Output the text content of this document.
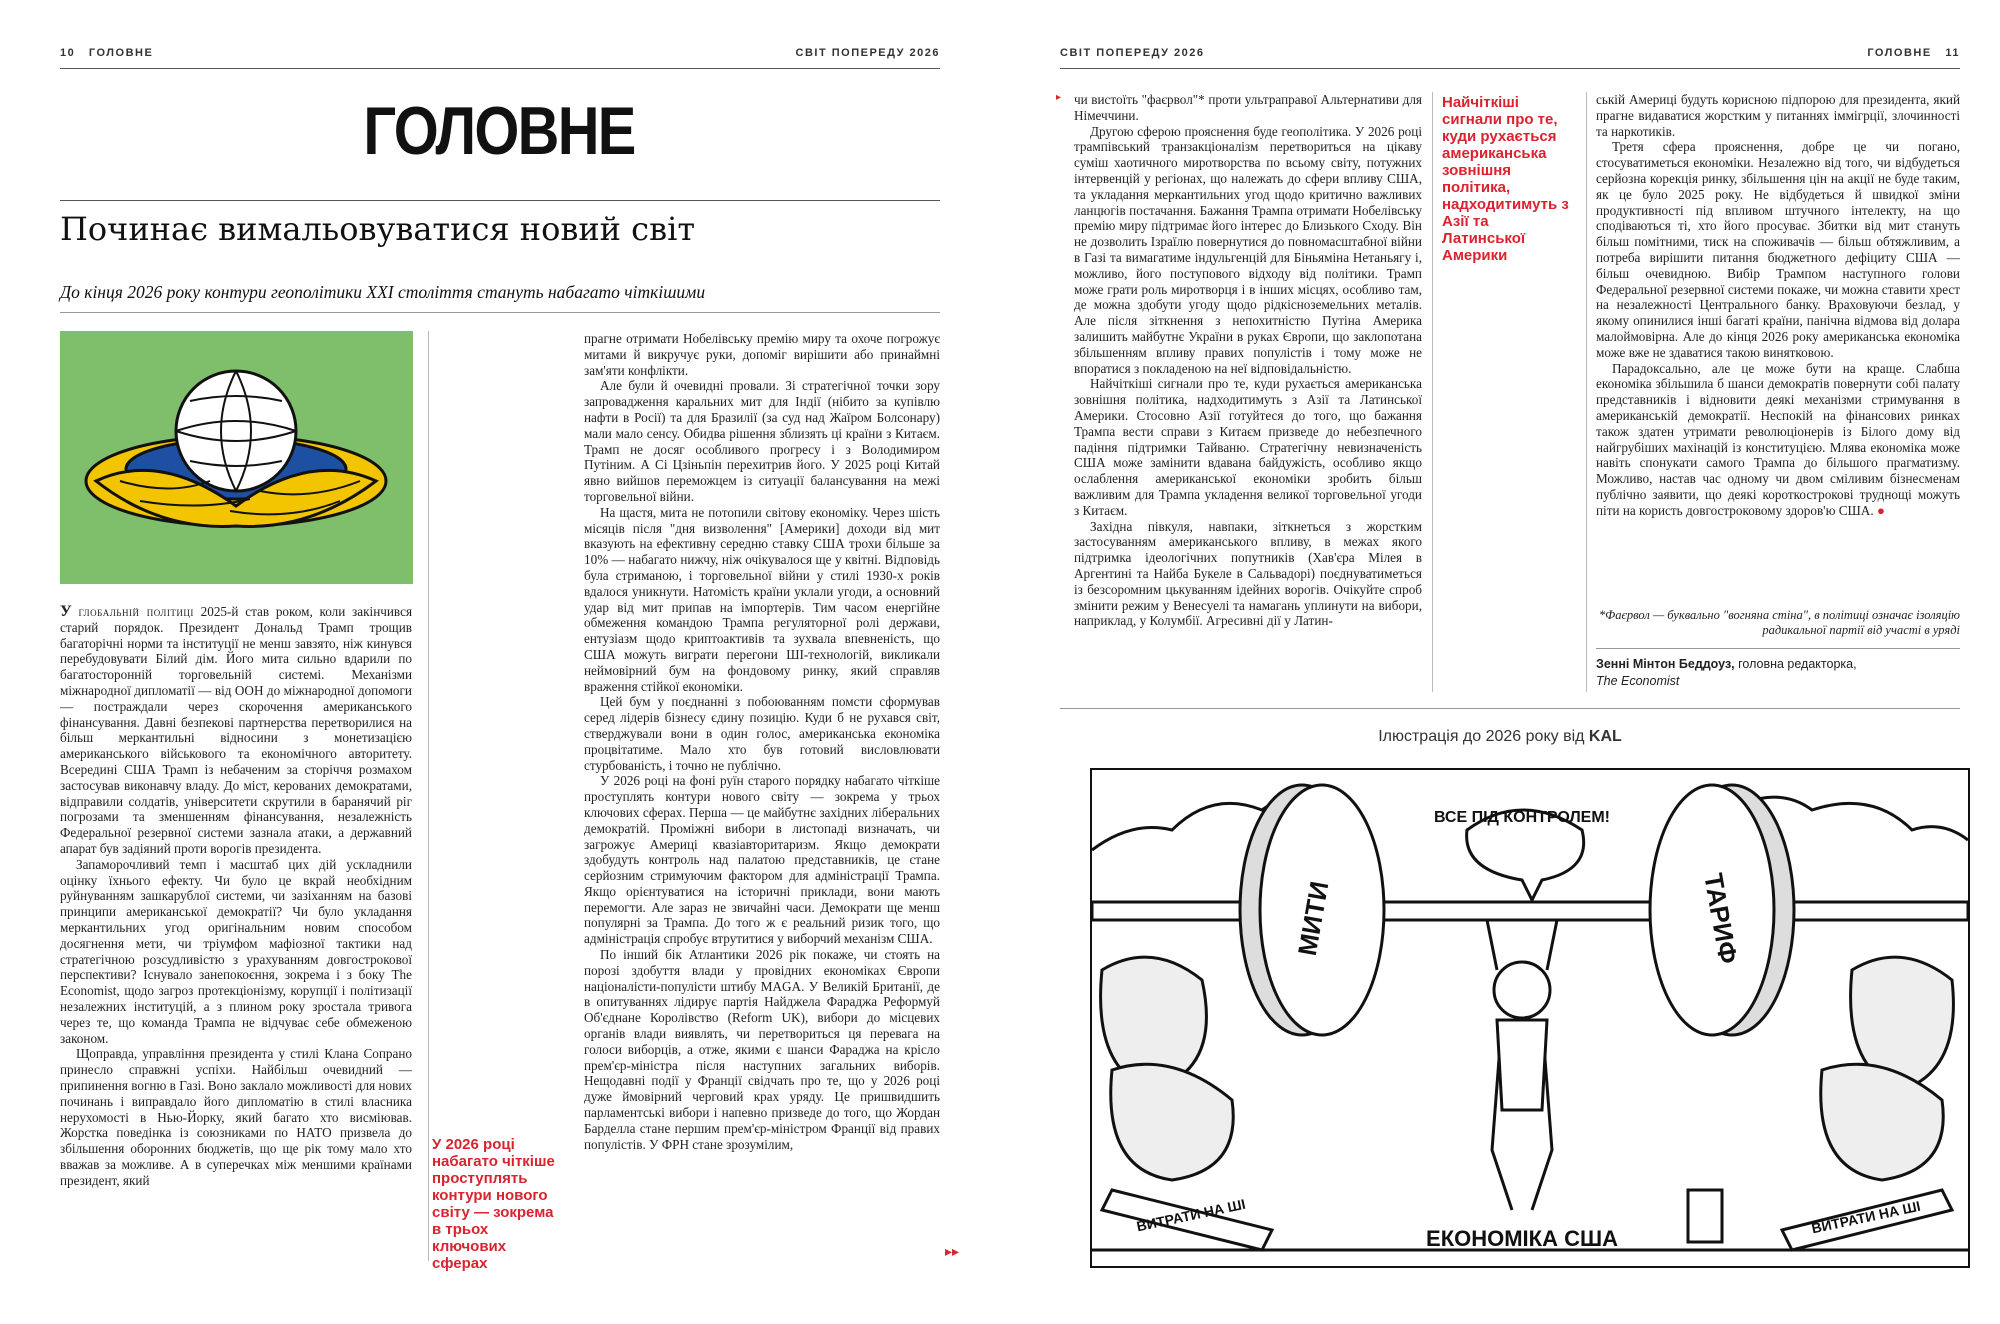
10 ГОЛОВНЕ	СВІТ ПОПЕРЕДУ 2026
ГОЛОВНЕ
Починає вимальовуватися новий світ
До кінця 2026 року контури геополітики XXI століття стануть набагато чіткішими

У глобальній політиці 2025-й став роком, коли закінчився старий порядок. Президент Дональд Трамп трощив багаторічні норми та інституції не менш завзято, ніж кинувся перебудовувати Білий дім. Його мита сильно вдарили по багатосторонній торговельній системі. Механізми міжнародної дипломатії — від ООН до міжнародної допомоги — постраждали через скорочення американського фінансування. Давні безпекові партнерства перетворилися на більш меркантильні відносини з монетизацією американського військового та економічного авторитету. Всередині США Трамп із небаченим за сторіччя розмахом застосував виконавчу владу. До міст, керованих демократами, відправили солдатів, університети скрутили в баранячий ріг погрозами та зменшенням фінансування, незалежність Федеральної резервної системи зазнала атаки, а державний апарат був задіяний проти ворогів президента.

Запаморочливий темп і масштаб цих дій ускладнили оцінку їхнього ефекту. Чи було це вкрай необхідним руйнуванням зашкарублої системи, чи зазіханням на базові принципи американської демократії? Чи було укладання меркантильних угод оригінальним новим способом досягнення мети, чи тріумфом мафіозної тактики над стратегічною розсудливістю з урахуванням довгострокової перспективи? Існувало занепокоєння, зокрема і з боку The Economist, щодо загроз протекціонізму, корупції і політизації незалежних інституцій, а з плином року зростала тривога через те, що команда Трампа не відчуває себе обмеженою законом.

Щоправда, управління президента у стилі Клана Сопрано принесло справжні успіхи. Найбільш очевидний — припинення вогню в Газі. Воно заклало можливості для нових починань і виправдало його дипломатію в стилі власника нерухомості в Нью-Йорку, який багато хто висміював. Жорстка поведінка із союзниками по НАТО призвела до збільшення оборонних бюджетів, що ще рік тому мало хто вважав за можливе. А в суперечках між меншими країнами президент, який

У 2026 році набагато чіткіше проступлять контури нового світу — зокрема в трьох ключових сферах

прагне отримати Нобелівську премію миру та охоче погрожує митами й викручує руки, допоміг вирішити або принаймні зам'яти конфлікти.

Але були й очевидні провали. Зі стратегічної точки зору запровадження каральних мит для Індії (нібито за купівлю нафти в Росії) та для Бразилії (за суд над Жаїром Болсонару) мали мало сенсу. Обидва рішення зблизять ці країни з Китаєм. Трамп не досяг особливого прогресу і з Володимиром Путіним. А Сі Цзіньпін перехитрив його. У 2025 році Китай явно вийшов переможцем із ситуації балансування на межі торговельної війни.

На щастя, мита не потопили світову економіку. Через шість місяців після "дня визволення" [Америки] доходи від мит вказують на ефективну середню ставку США трохи більше за 10% — набагато нижчу, ніж очікувалося ще у квітні. Відповідь була стриманою, і торговельної війни у стилі 1930-х років вдалося уникнути. Натомість країни уклали угоди, а основний удар від мит припав на імпортерів. Тим часом енергійне обмеження командою Трампа регуляторної ролі держави, ентузіазм щодо криптоактивів та зухвала впевненість, що США можуть виграти перегони ШІ-технологій, викликали неймовірний бум на фондовому ринку, який справляв враження стійкої економіки.

Цей бум у поєднанні з побоюванням помсти сформував серед лідерів бізнесу єдину позицію. Куди б не рухався світ, стверджували вони в один голос, американська економіка процвітатиме. Мало хто був готовий висловлювати стурбованість, і точно не публічно.

У 2026 році на фоні руїн старого порядку набагато чіткіше проступлять контури нового світу — зокрема у трьох ключових сферах. Перша — це майбутнє західних ліберальних демократій. Проміжні вибори в листопаді визначать, чи загрожує Америці квазіавторитаризм. Якщо демократи здобудуть контроль над палатою представників, це стане серйозним стримуючим фактором для адміністрації Трампа. Якщо орієнтуватися на історичні приклади, вони мають перемогти. Але зараз не звичайні часи. Демократи ще менш популярні за Трампа. До того ж є реальний ризик того, що адміністрація спробує втрутитися у виборчий механізм США.

По інший бік Атлантики 2026 рік покаже, чи стоять на порозі здобуття влади у провідних економіках Європи націоналісти-популісти штибу MAGA. У Великій Британії, де в опитуваннях лідирує партія Найджела Фараджа Реформуй Об'єднане Королівство (Reform UK), вибори до місцевих органів влади виявлять, чи перетвориться ця перевага на голоси виборців, а отже, якими є шанси Фараджа на крісло прем'єр-міністра після наступних загальних виборів. Нещодавні події у Франції свідчать про те, що у 2026 році дуже ймовірний черговий крах уряду. Це пришвидшить парламентські вибори і напевно призведе до того, що Жордан Барделла стане першим прем'єр-міністром Франції від правих популістів. У ФРН стане зрозумілим,

▸▸
СВІТ ПОПЕРЕДУ 2026	ГОЛОВНЕ 11
▸ чи вистоїть "фаєрвол"* проти ультраправої Альтернативи для Німеччини.

Другою сферою прояснення буде геополітика. У 2026 році трампівський транзакціоналізм перетвориться на цікаву суміш хаотичного миротворства по всьому світу, потужних інтервенцій у регіонах, що належать до сфери впливу США, та укладання меркантильних угод щодо критично важливих ланцюгів постачання. Бажання Трампа отримати Нобелівську премію миру підтримає його інтерес до Близького Сходу. Він не дозволить Ізраїлю повернутися до повномасштабної війни в Газі та вимагатиме індульгенцій для Біньяміна Нетаньягу і, можливо, його поступового відходу від політики. Трамп може грати роль миротворця і в інших місцях, особливо там, де можна здобути угоду щодо рідкісноземельних металів. Але після зіткнення з непохитністю Путіна Америка залишить майбутнє України в руках Європи, що заклопотана збільшенням впливу правих популістів і тому може не впоратися з покладеною на неї відповідальністю.

Найчіткіші сигнали про те, куди рухається американська зовнішня політика, надходитимуть з Азії та Латинської Америки. Стосовно Азії готуйтеся до того, що бажання Трампа вести справи з Китаєм призведе до небезпечного падіння підтримки Тайваню. Стратегічну невизначеність США може замінити вдавана байдужість, особливо якщо ослаблення американської економіки зробить більш важливим для Трампа укладення великої торговельної угоди з Китаєм.

Західна півкуля, навпаки, зіткнеться з жорстким застосуванням американського впливу, в межах якого підтримка ідеологічних попутників (Хав'єра Мілея в Аргентині та Найба Букеле в Сальвадорі) поєднуватиметься із безсоромним цькуванням ідейних ворогів. Очікуйте спроб змінити режим у Венесуелі та намагань уплинути на вибори, наприклад, у Колумбії. Агресивні дії у Латин-

Найчіткіші сигнали про те, куди рухається американська зовнішня політика, надходитимуть з Азії та Латинської Америки

ській Америці будуть корисною підпорою для президента, який прагне видаватися жорстким у питаннях іммігрції, злочинності та наркотиків.

Третя сфера прояснення, добре це чи погано, стосуватиметься економіки. Незалежно від того, чи відбудеться серйозна корекція ринку, збільшення цін на акції не буде таким, як це було 2025 року. Не відбудеться й швидкої зміни продуктивності під впливом штучного інтелекту, на що сподіваються ті, хто його просуває. Збитки від мит стануть більш помітними, тиск на споживачів — більш обтяжливим, а потреба вирішити питання бюджетного дефіциту США — більш очевидною. Вибір Трампом наступного голови Федеральної резервної системи покаже, чи можна ставити хрест на незалежності Центрального банку. Враховуючи безлад, у якому опинилися інші багаті країни, панічна відмова від долара малоймовірна. Але до кінця 2026 року американська економіка може вже не здаватися такою винятковою.

Парадоксально, але це може бути на краще. Слабша економіка збільшила б шанси демократів повернути собі палату представників і відновити деякі механізми стримування в американській демократії. Неспокій на фінансових ринках також здатен утримати революціонерів із Білого дому від найгрубіших махінацій із конституцією. Млява економіка може навіть спонукати самого Трампа до більшого прагматизму. Можливо, настав час одному чи двом сміливим бізнесменам публічно заявити, що деякі короткострокові труднощі можуть піти на користь довгостроковому здоров'ю США. ●

*Фаєрвол — буквально "вогняна стіна", в політиці означає ізоляцію радикальної партії від участі в уряді
Зенні Мінтон Беддоуз, головна редакторка,
The Economist
Ілюстрація до 2026 року від KAL
ВСЕ ПІД КОНТРОЛЕМ!
МИТИ	ТАРИФ
ВИТРАТИ НА ШІ	ВИТРАТИ НА ШІ
ЕКОНОМІКА США
